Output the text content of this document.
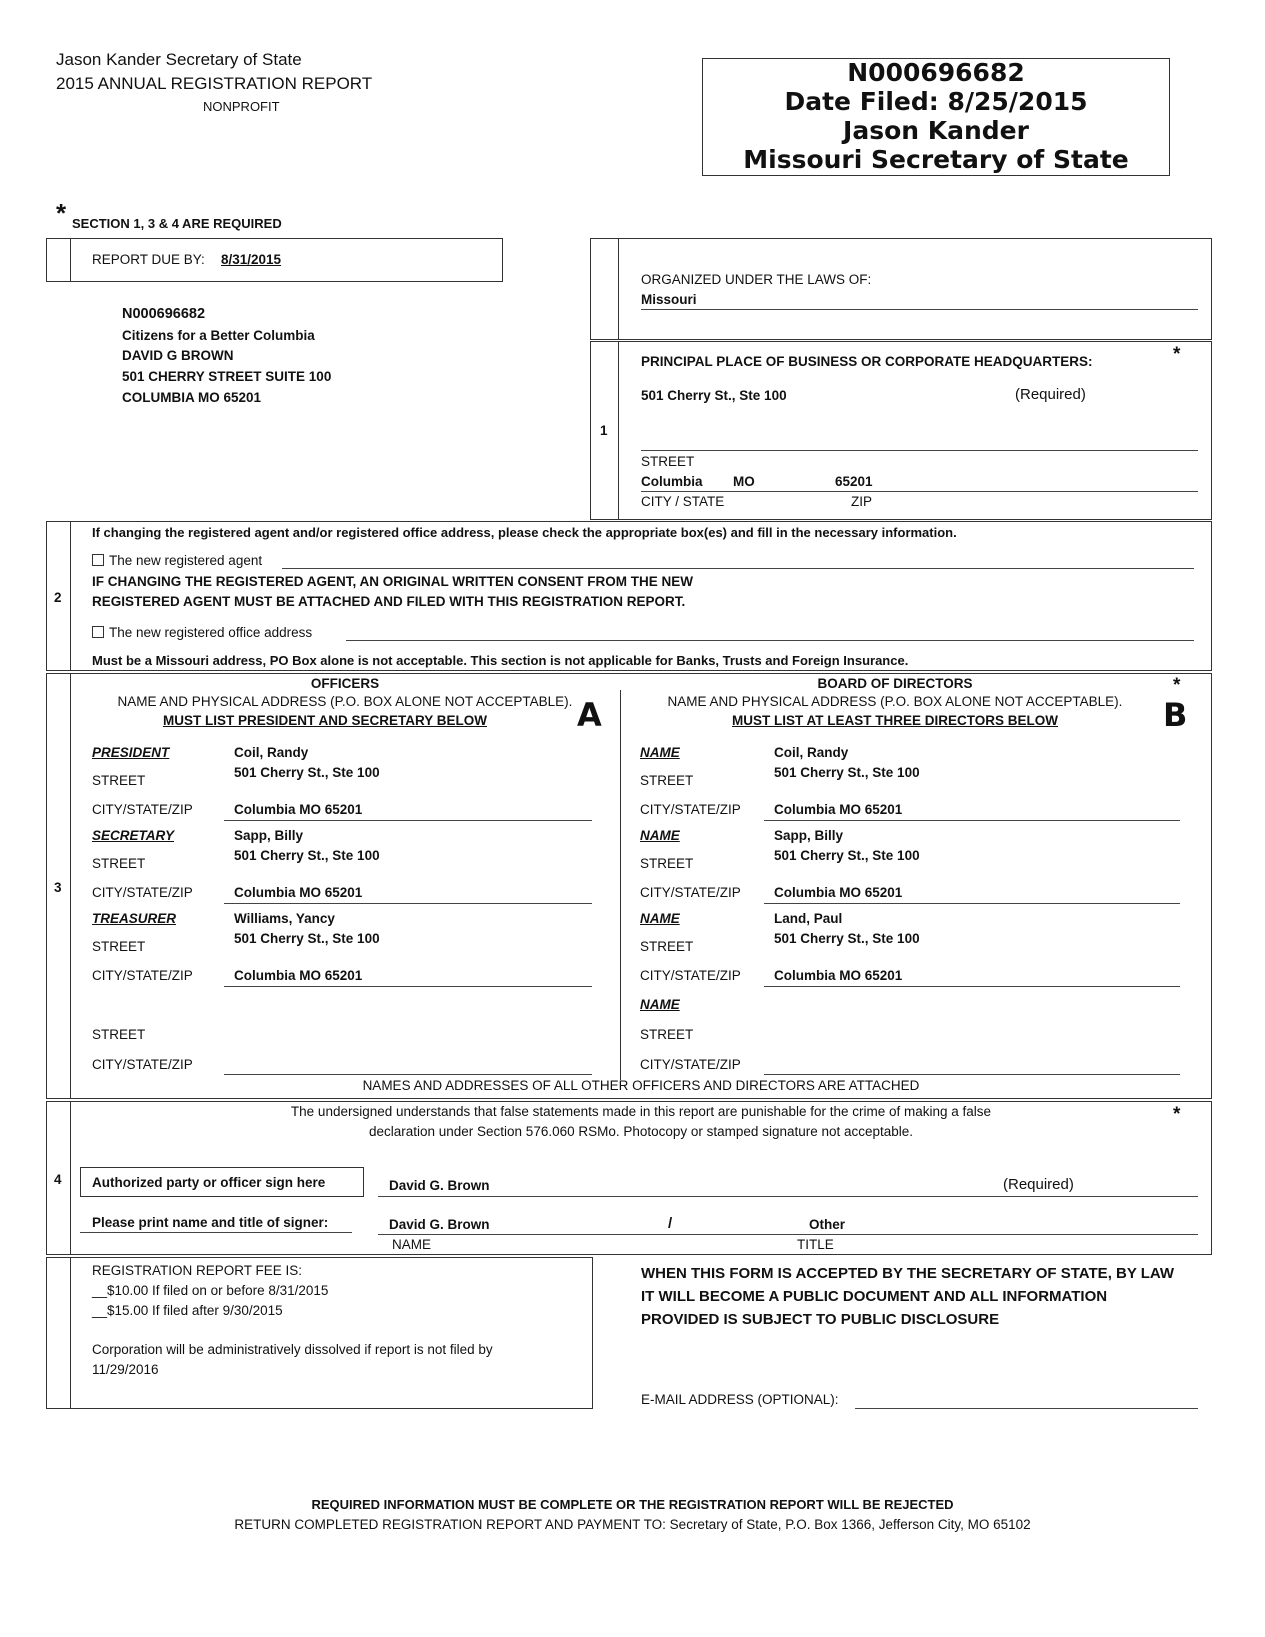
Jason Kander Secretary of State
2015 ANNUAL REGISTRATION REPORT
NONPROFIT
N000696682
Date Filed: 8/25/2015
Jason Kander
Missouri Secretary of State
* SECTION 1, 3 & 4 ARE REQUIRED
REPORT DUE BY: 8/31/2015
N000696682
Citizens for a Better Columbia
DAVID G BROWN
501 CHERRY STREET SUITE 100
COLUMBIA MO 65201
ORGANIZED UNDER THE LAWS OF:
Missouri
1
PRINCIPAL PLACE OF BUSINESS OR CORPORATE HEADQUARTERS:	*
501 Cherry St., Ste 100	(Required)
STREET
Columbia MO	65201
CITY / STATE	ZIP
2
If changing the registered agent and/or registered office address, please check the appropriate box(es) and fill in the necessary information.
The new registered agent
IF CHANGING THE REGISTERED AGENT, AN ORIGINAL WRITTEN CONSENT FROM THE NEW
REGISTERED AGENT MUST BE ATTACHED AND FILED WITH THIS REGISTRATION REPORT.
The new registered office address
Must be a Missouri address, PO Box alone is not acceptable. This section is not applicable for Banks, Trusts and Foreign Insurance.
3
OFFICERS
NAME AND PHYSICAL ADDRESS (P.O. BOX ALONE NOT ACCEPTABLE).
MUST LIST PRESIDENT AND SECRETARY BELOW	A
BOARD OF DIRECTORS
NAME AND PHYSICAL ADDRESS (P.O. BOX ALONE NOT ACCEPTABLE).
MUST LIST AT LEAST THREE DIRECTORS BELOW	B
*
PRESIDENT	Coil, Randy
STREET
501 Cherry St., Ste 100
CITY/STATE/ZIP	Columbia MO 65201
SECRETARY	Sapp, Billy
STREET
501 Cherry St., Ste 100
CITY/STATE/ZIP	Columbia MO 65201
TREASURER	Williams, Yancy
STREET
501 Cherry St., Ste 100
CITY/STATE/ZIP	Columbia MO 65201
STREET
CITY/STATE/ZIP
NAME	Coil, Randy
STREET
501 Cherry St., Ste 100
CITY/STATE/ZIP Columbia MO 65201
NAME	Sapp, Billy
STREET
501 Cherry St., Ste 100
CITY/STATE/ZIP Columbia MO 65201
NAME	Land, Paul
STREET
501 Cherry St., Ste 100
CITY/STATE/ZIP Columbia MO 65201
NAME
STREET
CITY/STATE/ZIP
NAMES AND ADDRESSES OF ALL OTHER OFFICERS AND DIRECTORS ARE ATTACHED
4
*
The undersigned understands that false statements made in this report are punishable for the crime of making a false
declaration under Section 576.060 RSMo. Photocopy or stamped signature not acceptable.
Authorized party or officer sign here	David G. Brown	(Required)
Please print name and title of signer:	David G. Brown	/	Other
NAME	TITLE
REGISTRATION REPORT FEE IS:
__$10.00 If filed on or before 8/31/2015
__$15.00 If filed after 9/30/2015
Corporation will be administratively dissolved if report is not filed by
11/29/2016
WHEN THIS FORM IS ACCEPTED BY THE SECRETARY OF STATE, BY LAW
IT WILL BECOME A PUBLIC DOCUMENT AND ALL INFORMATION
PROVIDED IS SUBJECT TO PUBLIC DISCLOSURE
E-MAIL ADDRESS (OPTIONAL):
REQUIRED INFORMATION MUST BE COMPLETE OR THE REGISTRATION REPORT WILL BE REJECTED
RETURN COMPLETED REGISTRATION REPORT AND PAYMENT TO: Secretary of State, P.O. Box 1366, Jefferson City, MO 65102
